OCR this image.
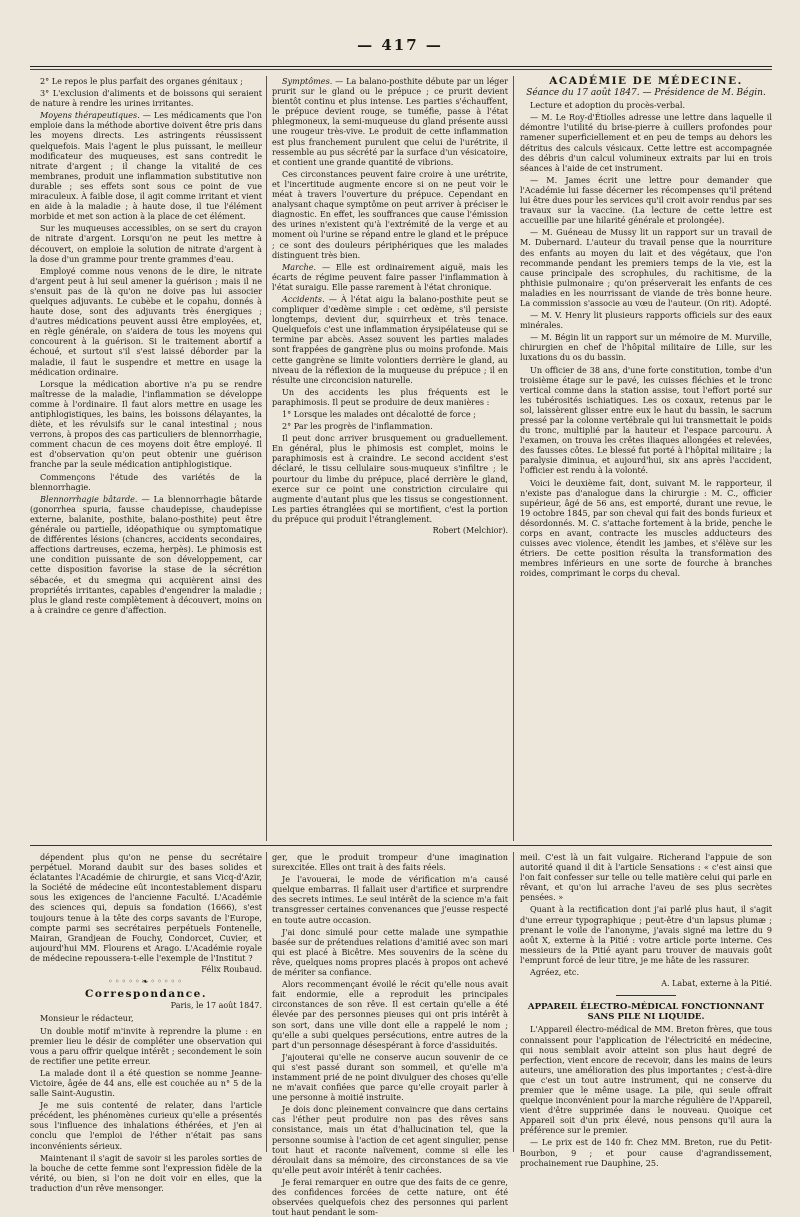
— 417 —

2° Le repos le plus parfait des organes génitaux ;

3° L'exclusion d'aliments et de boissons qui seraient de nature à rendre les urines irritantes.

Moyens thérapeutiques. — Les médicaments que l'on emploie dans la méthode abortive doivent être pris dans les moyens directs. Les astringents réussissent quelquefois. Mais l'agent le plus puissant, le meilleur modificateur des muqueuses, est sans contredit le nitrate d'argent ; il change la vitalité de ces membranes, produit une inflammation substitutive non durable ; ses effets sont sous ce point de vue miraculeux. À faible dose, il agit comme irritant et vient en aide à la maladie ; à haute dose, il tue l'élément morbide et met son action à la place de cet élément.

Sur les muqueuses accessibles, on se sert du crayon de nitrate d'argent. Lorsqu'on ne peut les mettre à découvert, on emploie la solution de nitrate d'argent à la dose d'un gramme pour trente grammes d'eau.

Employé comme nous venons de le dire, le nitrate d'argent peut à lui seul amener la guérison ; mais il ne s'ensuit pas de là qu'on ne doive pas lui associer quelques adjuvants. Le cubèbe et le copahu, donnés à haute dose, sont des adjuvants très énergiques ; d'autres médications peuvent aussi être employées, et, en règle générale, on s'aidera de tous les moyens qui concourent à la guérison. Si le traitement abortif a échoué, et surtout s'il s'est laissé déborder par la maladie, il faut le suspendre et mettre en usage la médication ordinaire.

Lorsque la médication abortive n'a pu se rendre maîtresse de la maladie, l'inflammation se développe comme à l'ordinaire. Il faut alors mettre en usage les antiphlogistiques, les bains, les boissons délayantes, la diète, et les révulsifs sur le canal intestinal ; nous verrons, à propos des cas particuliers de blennorrhagie, comment chacun de ces moyens doit être employé. Il est d'observation qu'on peut obtenir une guérison franche par la seule médication antiphlogistique.

Commençons l'étude des variétés de la blennorrhagie.

Blennorrhagie bâtarde. — La blennorrhagie bâtarde (gonorrhea spuria, fausse chaudepisse, chaudepisse externe, balanite, posthite, balano-posthite) peut être générale ou partielle, idéopathique ou symptomatique de différentes lésions (chancres, accidents secondaires, affections dartreuses, eczema, herpès). Le phimosis est une condition puissante de son développement, car cette disposition favorise la stase de la sécrétion sébacée, et du smegma qui acquièrent ainsi des propriétés irritantes, capables d'engendrer la maladie ; plus le gland reste complètement à découvert, moins on a à craindre ce genre d'affection.

Symptômes. — La balano-posthite débute par un léger prurit sur le gland ou le prépuce ; ce prurit devient bientôt continu et plus intense. Les parties s'échauffent, le prépuce devient rouge, se tuméfie, passe à l'état phlegmoneux, la semi-muqueuse du gland présente aussi une rougeur très-vive. Le produit de cette inflammation est plus franchement purulent que celui de l'urétrite, il ressemble au pus sécrété par la surface d'un vésicatoire, et contient une grande quantité de vibrions.

Ces circonstances peuvent faire croire à une urétrite, et l'incertitude augmente encore si on ne peut voir le méat à travers l'ouverture du prépuce. Cependant en analysant chaque symptôme on peut arriver à préciser le diagnostic. En effet, les souffrances que cause l'émission des urines n'existent qu'à l'extrémité de la verge et au moment où l'urine se répand entre le gland et le prépuce ; ce sont des douleurs périphériques que les malades distinguent très bien.

Marche. — Elle est ordinairement aiguë, mais les écarts de régime peuvent faire passer l'inflammation à l'état suraigu. Elle passe rarement à l'état chronique.

Accidents. — À l'état aigu la balano-posthite peut se compliquer d'œdème simple : cet œdème, s'il persiste longtemps, devient dur, squirrheux et très tenace. Quelquefois c'est une inflammation érysipélateuse qui se termine par abcès. Assez souvent les parties malades sont frappées de gangrène plus ou moins profonde. Mais cette gangrène se limite volontiers derrière le gland, au niveau de la réflexion de la muqueuse du prépuce ; il en résulte une circoncision naturelle.

Un des accidents les plus fréquents est le paraphimosis. Il peut se produire de deux manières :

1° Lorsque les malades ont décalotté de force ;

2° Par les progrès de l'inflammation.

Il peut donc arriver brusquement ou graduellement. En général, plus le phimosis est complet, moins le paraphimosis est à craindre. Le second accident s'est déclaré, le tissu cellulaire sous-muqueux s'infiltre ; le pourtour du limbe du prépuce, placé derrière le gland, exerce sur ce point une constriction circulaire qui augmente d'autant plus que les tissus se congestionnent. Les parties étranglées qui se mortifient, c'est la portion du prépuce qui produit l'étranglement.

Robert (Melchior).

ACADÉMIE DE MÉDECINE.

Séance du 17 août 1847. — Présidence de M. Bégin.

Lecture et adoption du procès-verbal.

— M. Le Roy-d'Étiolles adresse une lettre dans laquelle il démontre l'utilité du brise-pierre à cuillers profondes pour ramener superficiellement et en peu de temps au dehors les détritus des calculs vésicaux. Cette lettre est accompagnée des débris d'un calcul volumineux extraits par lui en trois séances à l'aide de cet instrument.

— M. James écrit une lettre pour demander que l'Académie lui fasse décerner les récompenses qu'il prétend lui être dues pour les services qu'il croit avoir rendus par ses travaux sur la vaccine. (La lecture de cette lettre est accueillie par une hilarité générale et prolongée).

— M. Guéneau de Mussy lit un rapport sur un travail de M. Dubernard. L'auteur du travail pense que la nourriture des enfants au moyen du lait et des végétaux, que l'on recommande pendant les premiers temps de la vie, est la cause principale des scrophules, du rachitisme, de la phthisie pulmonaire ; qu'on préserverait les enfants de ces maladies en les nourrissant de viande de très bonne heure. La commission s'associe au vœu de l'auteur. (On rit). Adopté.

— M. V. Henry lit plusieurs rapports officiels sur des eaux minérales.

— M. Bégin lit un rapport sur un mémoire de M. Murville, chirurgien en chef de l'hôpital militaire de Lille, sur les luxations du os du bassin.

Un officier de 38 ans, d'une forte constitution, tombe d'un troisième étage sur le pavé, les cuisses fléchies et le tronc vertical comme dans la station assise, tout l'effort porté sur les tubérosités ischiatiques. Les os coxaux, retenus par le sol, laissèrent glisser entre eux le haut du bassin, le sacrum pressé par la colonne vertébrale qui lui transmettait le poids du tronc, multiplié par la hauteur et l'espace parcouru. À l'examen, on trouva les crêtes iliaques allongées et relevées, des fausses côtes. Le blessé fut porté à l'hôpital militaire ; la paralysie diminua, et aujourd'hui, six ans après l'accident, l'officier est rendu à la volonté.

Voici le deuxième fait, dont, suivant M. le rapporteur, il n'existe pas d'analogue dans la chirurgie : M. C., officier supérieur, âgé de 56 ans, est emporté, durant une revue, le 19 octobre 1845, par son cheval qui fait des bonds furieux et désordonnés. M. C. s'attache fortement à la bride, penche le corps en avant, contracte les muscles adducteurs des cuisses avec violence, étendit les jambes, et s'élève sur les étriers. De cette position résulta la transformation des membres inférieurs en une sorte de fourche à branches roides, comprimant le corps du cheval.

dépendent plus qu'on ne pense du secrétaire perpétuel. Morand daubit sur des bases solides et éclatantes l'Académie de chirurgie, et sans Vicq-d'Azir, la Société de médecine eût incontestablement disparu sous les exigences de l'ancienne Faculté. L'Académie des sciences qui, depuis sa fondation (1666), s'est toujours tenue à la tête des corps savants de l'Europe, compte parmi ses secrétaires perpétuels Fontenelle, Mairan, Grandjean de Fouchy, Condorcet, Cuvier, et aujourd'hui MM. Flourens et Arago. L'Académie royale de médecine repoussera-t-elle l'exemple de l'Institut ?

Félix Roubaud.

◦◦◦◦◦❧◦◦◦◦◦

Correspondance.

Paris, le 17 août 1847.

Monsieur le rédacteur,

Un double motif m'invite à reprendre la plume : en premier lieu le désir de compléter une observation qui vous a paru offrir quelque intérêt ; secondement le soin de rectifier une petite erreur.

La malade dont il a été question se nomme Jeanne-Victoire, âgée de 44 ans, elle est couchée au n° 5 de la salle Saint-Augustin.

Je me suis contenté de relater, dans l'article précédent, les phénomènes curieux qu'elle a présentés sous l'influence des inhalations éthérées, et j'en ai conclu que l'emploi de l'éther n'était pas sans inconvénients sérieux.

Maintenant il s'agit de savoir si les paroles sorties de la bouche de cette femme sont l'expression fidèle de la vérité, ou bien, si l'on ne doit voir en elles, que la traduction d'un rêve mensonger.

ger, que le produit trompeur d'une imagination surexcitée. Elles ont trait à des faits réels.

Je l'avouerai, le mode de vérification m'a causé quelque embarras. Il fallait user d'artifice et surprendre des secrets intimes. Le seul intérêt de la science m'a fait transgresser certaines convenances que j'eusse respecté en toute autre occasion.

J'ai donc simulé pour cette malade une sympathie basée sur de prétendues relations d'amitié avec son mari qui est placé à Bicêtre. Mes souvenirs de la scène du rêve, quelques noms propres placés à propos ont achevé de mériter sa confiance.

Alors recommençant évoilé le récit qu'elle nous avait fait endormie, elle a reproduit les principales circonstances de son rêve. Il est certain qu'elle a été élevée par des personnes pieuses qui ont pris intérêt à son sort, dans une ville dont elle a rappelé le nom ; qu'elle a subi quelques persécutions, entre autres de la part d'un personnage désespérant à force d'assiduités.

J'ajouterai qu'elle ne conserve aucun souvenir de ce qui s'est passé durant son sommeil, et qu'elle m'a instamment prié de ne point divulguer des choses qu'elle ne m'avait confiées que parce qu'elle croyait parler à une personne à moitié instruite.

Je dois donc pleinement convaincre que dans certains cas l'éther peut produire non pas des rêves sans consistance, mais un état d'hallucination tel, que la personne soumise à l'action de cet agent singulier, pense tout haut et raconte naïvement, comme si elle les déroulait dans sa mémoire, des circonstances de sa vie qu'elle peut avoir intérêt à tenir cachées.

Je ferai remarquer en outre que des faits de ce genre, des confidences forcées de cette nature, ont été observées quelquefois chez des personnes qui parlent tout haut pendant le som-

meil. C'est là un fait vulgaire. Richerand l'appuie de son autorité quand il dit à l'article Sensations : « c'est ainsi que l'on fait confesser sur telle ou telle matière celui qui parle en rêvant, et qu'on lui arrache l'aveu de ses plus secrètes pensées. »

Quant à la rectification dont j'ai parlé plus haut, il s'agit d'une erreur typographique ; peut-être d'un lapsus plumæ ; prenant le voile de l'anonyme, j'avais signé ma lettre du 9 août X, externe à la Pitié : votre article porte interne. Ces messieurs de la Pitié ayant paru trouver de mauvais goût l'emprunt forcé de leur titre, je me hâte de les rassurer.

Agréez, etc.

A. Labat, externe à la Pitié.

APPAREIL ÉLECTRO-MÉDICAL FONCTIONNANT SANS PILE NI LIQUIDE.

L'Appareil électro-médical de MM. Breton frères, que tous connaissent pour l'application de l'électricité en médecine, qui nous semblait avoir atteint son plus haut degré de perfection, vient encore de recevoir, dans les mains de leurs auteurs, une amélioration des plus importantes ; c'est-à-dire que c'est un tout autre instrument, qui ne conserve du premier que le même usage. La pile, qui seule offrait quelque inconvénient pour la marche régulière de l'Appareil, vient d'être supprimée dans le nouveau. Quoique cet Appareil soit d'un prix élevé, nous pensons qu'il aura la préférence sur le premier.

— Le prix est de 140 fr. Chez MM. Breton, rue du Petit-Bourbon, 9 ; et pour cause d'agrandissement, prochainement rue Dauphine, 25.
